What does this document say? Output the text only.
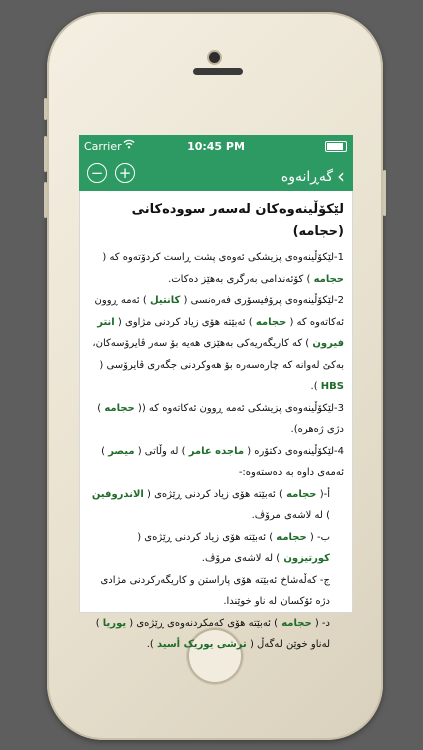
Carrier	10:45 PM
− +	گەڕانەوە ‹
لێکۆڵینەوەکان لەسەر سوودەکانی (حجامە)

1-لێکۆڵینەوەی پزیشکی ئەوەی پشت ڕاست کردۆتەوە کە ( حجامە ) کۆئەندامی بەرگری بەهێز دەکات.

2-لێکۆڵینەوەی پرۆفیسۆری فەرەنسی ( کانتیل ) ئەمە ڕوون ئەکاتەوە کە ( حجامە ) ئەبێتە هۆی زیاد کردنی مژاوی ( انتر فیرون ) کە کاریگەریەکی بەهێزی هەیە بۆ سەر ڤایرۆسەکان، بەکێ لەوانە کە چارەسەرە بۆ هەوکردنی جگەری ڤایرۆسی ( HBS ).

3-لێکۆڵینەوەی پزیشکی ئەمە ڕوون ئەکاتەوە کە (( حجامە ) دژی ژەهرە).

4-لێکۆڵینەوەی دکتۆرە ( ماجدە عامر ) لە وڵاتی ( میصر ) ئەمەی داوە بە دەستەوە:-

أ-( حجامە ) ئەبێتە هۆی زیاد کردنی ڕێژەی ( الاندروفین ) لە لاشەی مرۆڤ.

ب- ( حجامە ) ئەبێتە هۆی زیاد کردنی ڕێژەی ( کورتیزون ) لە لاشەی مرۆڤ.

ج- کەڵەشاخ ئەبێتە هۆی پاراستن و کاریگەرکردنی مژادی دژە ئۆکسان لە ناو خوێندا.

د- ( حجامە ) ئەبێتە هۆی کەمکردنەوەی ڕێژەی ( یوریا ) لەناو خوێن لەگەڵ ( ترشی یوریک أسید ).
